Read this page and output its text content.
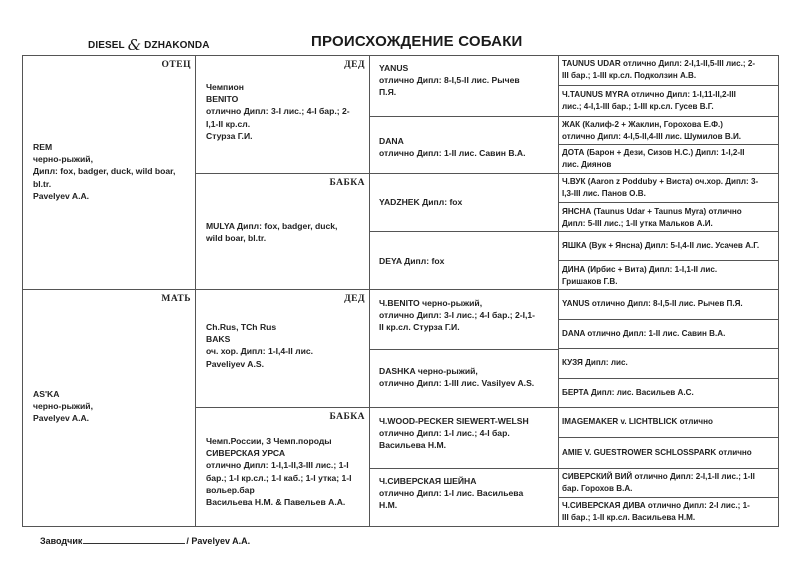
DIESEL & DZHAKONDA	ПРОИСХОЖДЕНИЕ СОБАКИ
ОТЕЦ
REM
черно-рыжий,
Дипл: fox, badger, duck, wild boar,
bl.tr.
Pavelyev A.A.
МАТЬ
AS'KA
черно-рыжий,
Pavelyev A.A.
ДЕД
Чемпион
BENITO
отлично Дипл: 3-I лис.; 4-I бар.; 2-
I,1-II кр.сл.
Стурза Г.И.
БАБКА
MULYA Дипл: fox, badger, duck,
wild boar, bl.tr.
ДЕД
Ch.Rus, TCh Rus
BAKS
оч. хор. Дипл: 1-I,4-II лис.
Paveliyev A.S.
БАБКА
Чемп.России, 3 Чемп.породы
СИВЕРСКАЯ УРСА
отлично Дипл: 1-I,1-II,3-III лис.; 1-I
бар.; 1-I кр.сл.; 1-I каб.; 1-I утка; 1-I
вольер.бар
Васильева Н.М. & Павельев А.А.
YANUS
отлично Дипл: 8-I,5-II лис. Рычев
П.Я.
DANA
отлично Дипл: 1-II лис. Савин В.А.
YADZHEK Дипл: fox
DEYA Дипл: fox
Ч.BENITO черно-рыжий,
отлично Дипл: 3-I лис.; 4-I бар.; 2-I,1-
II кр.сл. Стурза Г.И.
DASHKA черно-рыжий,
отлично Дипл: 1-III лис. Vasilyev A.S.
Ч.WOOD-PECKER SIEWERT-WELSH
отлично Дипл: 1-I лис.; 4-I бар.
Васильева Н.М.
Ч.СИВЕРСКАЯ ШЕЙНА
отлично Дипл: 1-I лис. Васильева
Н.М.
TAUNUS UDAR отлично Дипл: 2-I,1-II,5-III лис.; 2-
III бар.; 1-III кр.сл. Подколзин А.В.
Ч.TAUNUS MYRA отлично Дипл: 1-I,11-II,2-III
лис.; 4-I,1-III бар.; 1-III кр.сл. Гусев В.Г.
ЖАК (Калиф-2 + Жаклин, Горохова Е.Ф.)
отлично Дипл: 4-I,5-II,4-III лис. Шумилов В.И.
ДОТА (Барон + Дези, Сизов Н.С.) Дипл: 1-I,2-II
лис. Диянов
Ч.ВУК (Aaron z Podduby + Виста) оч.хор. Дипл: 3-
I,3-III лис. Панов О.В.
ЯНСНА (Taunus Udar + Taunus Myra) отлично
Дипл: 5-III лис.; 1-II утка Мальков А.И.
ЯШКА (Вук + Янсна) Дипл: 5-I,4-II лис. Усачев А.Г.
ДИНА (Ирбис + Вита) Дипл: 1-I,1-II лис.
Гришаков Г.В.
YANUS отлично Дипл: 8-I,5-II лис. Рычев П.Я.
DANA отлично Дипл: 1-II лис. Савин В.А.
КУЗЯ Дипл: лис.
БЕРТА Дипл: лис. Васильев А.С.
IMAGEMAKER v. LICHTBLICK отлично
AMIE V. GUESTROWER SCHLOSSPARK отлично
СИВЕРСКИЙ ВИЙ отлично Дипл: 2-I,1-II лис.; 1-II
бар. Горохов В.А.
Ч.СИВЕРСКАЯ ДИВА отлично Дипл: 2-I лис.; 1-
III бар.; 1-II кр.сл. Васильева Н.М.
Заводчик	/ Pavelyev A.A.
